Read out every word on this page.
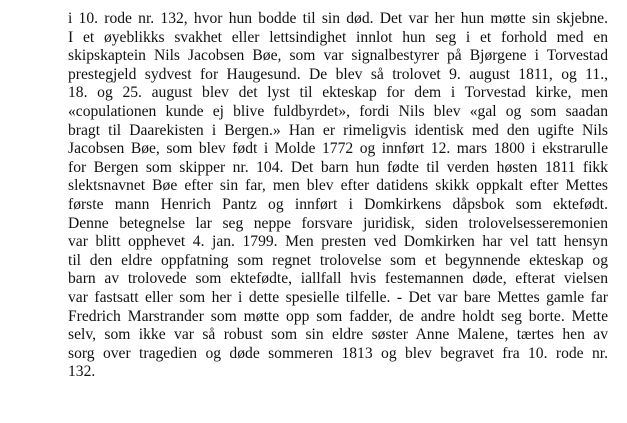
i 10. rode nr. 132, hvor hun bodde til sin død. Det var her hun møtte sin skjebne.
I et øyeblikks svakhet eller lettsindighet innlot hun seg i et forhold med en
skipskaptein Nils Jacobsen Bøe, som var signalbestyrer på Bjørgene i Torvestad
prestegjeld sydvest for Haugesund. De blev så trolovet 9. august 1811, og 11.,
18. og 25. august blev det lyst til ekteskap for dem i Torvestad kirke, men
«copulationen kunde ej blive fuldbyrdet», fordi Nils blev «gal og som saadan
bragt til Daarekisten i Bergen.» Han er rimeligvis identisk med den ugifte Nils
Jacobsen Bøe, som blev født i Molde 1772 og innført 12. mars 1800 i ekstrarulle
for Bergen som skipper nr. 104. Det barn hun fødte til verden høsten 1811 fikk
slektsnavnet Bøe efter sin far, men blev efter datidens skikk oppkalt efter Mettes
første mann Henrich Pantz og innført i Domkirkens dåpsbok som ektefødt.
Denne betegnelse lar seg neppe forsvare juridisk, siden trolovelsesseremonien
var blitt opphevet 4. jan. 1799. Men presten ved Domkirken har vel tatt hensyn
til den eldre oppfatning som regnet trolovelse som et begynnende ekteskap og
barn av trolovede som ektefødte, iallfall hvis festemannen døde, efterat vielsen
var fastsatt eller som her i dette spesielle tilfelle. - Det var bare Mettes gamle far
Fredrich Marstrander som møtte opp som fadder, de andre holdt seg borte. Mette
selv, som ikke var så robust som sin eldre søster Anne Malene, tærtes hen av
sorg over tragedien og døde sommeren 1813 og blev begravet fra 10. rode nr.
132.
